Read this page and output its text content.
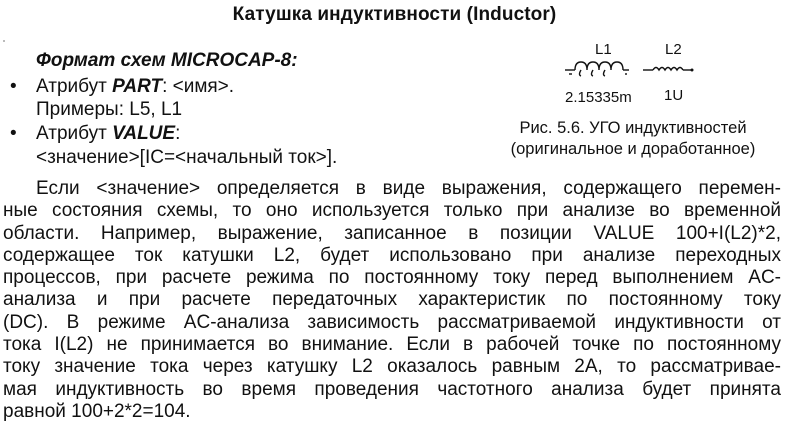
Катушка индуктивности (Inductor)
Формат схем MICROCAP-8:
• Атрибут PART: <имя>.
Примеры: L5, L1
• Атрибут VALUE:
<значение>[IC=<начальный ток>].
L1	L2
2.15335m 1U
Рис. 5.6. УГО индуктивностей
(оригинальное и доработанное)
Если <значение> определяется в виде выражения, содержащего перемен-
ные состояния схемы, то оно используется только при анализе во временной
области. Например, выражение, записанное в позиции VALUE 100+I(L2)*2,
содержащее ток катушки L2, будет использовано при анализе переходных
процессов, при расчете режима по постоянному току перед выполнением AC-
анализа и при расчете передаточных характеристик по постоянному току
(DC). В режиме AC-анализа зависимость рассматриваемой индуктивности от
тока I(L2) не принимается во внимание. Если в рабочей точке по постоянному
току значение тока через катушку L2 оказалось равным 2А, то рассматривае-
мая индуктивность во время проведения частотного анализа будет принята
равной 100+2*2=104.
